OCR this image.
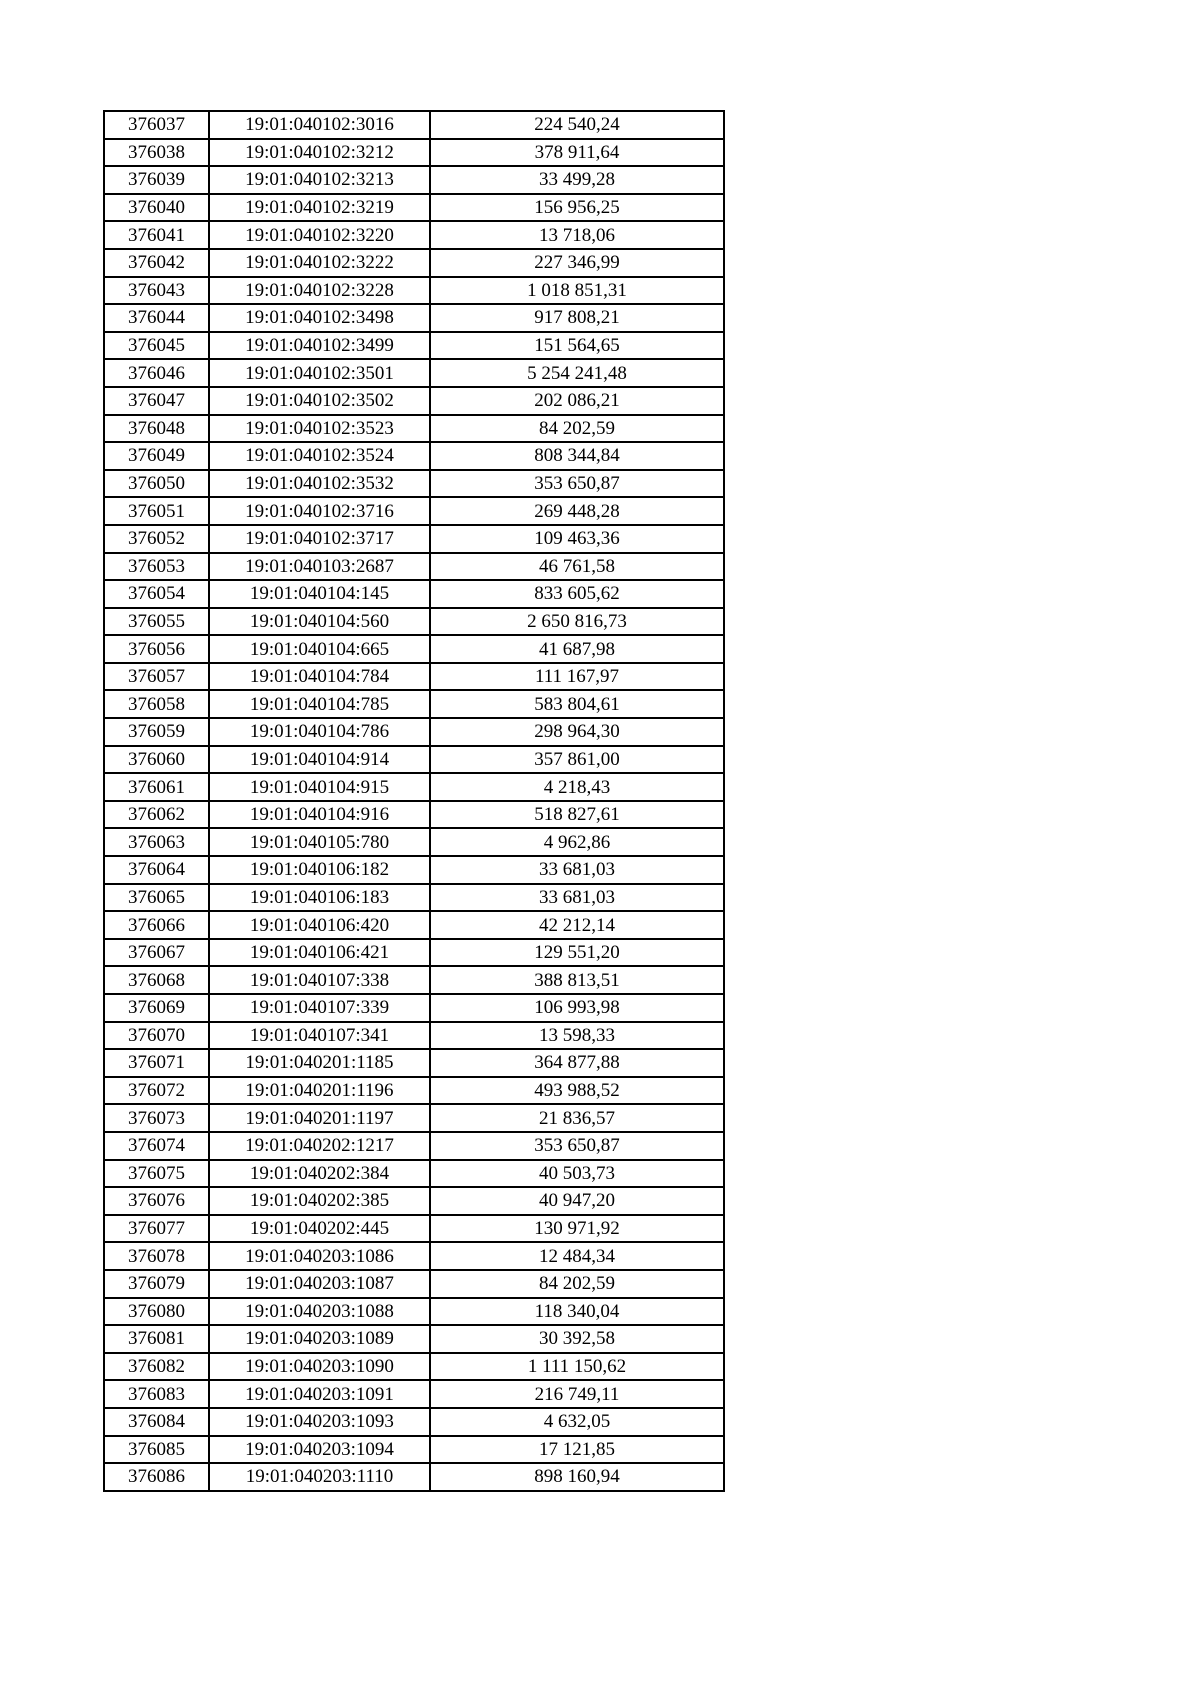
376037	19:01:040102:3016	224 540,24
376038	19:01:040102:3212	378 911,64
376039	19:01:040102:3213	33 499,28
376040	19:01:040102:3219	156 956,25
376041	19:01:040102:3220	13 718,06
376042	19:01:040102:3222	227 346,99
376043	19:01:040102:3228	1 018 851,31
376044	19:01:040102:3498	917 808,21
376045	19:01:040102:3499	151 564,65
376046	19:01:040102:3501	5 254 241,48
376047	19:01:040102:3502	202 086,21
376048	19:01:040102:3523	84 202,59
376049	19:01:040102:3524	808 344,84
376050	19:01:040102:3532	353 650,87
376051	19:01:040102:3716	269 448,28
376052	19:01:040102:3717	109 463,36
376053	19:01:040103:2687	46 761,58
376054	19:01:040104:145	833 605,62
376055	19:01:040104:560	2 650 816,73
376056	19:01:040104:665	41 687,98
376057	19:01:040104:784	111 167,97
376058	19:01:040104:785	583 804,61
376059	19:01:040104:786	298 964,30
376060	19:01:040104:914	357 861,00
376061	19:01:040104:915	4 218,43
376062	19:01:040104:916	518 827,61
376063	19:01:040105:780	4 962,86
376064	19:01:040106:182	33 681,03
376065	19:01:040106:183	33 681,03
376066	19:01:040106:420	42 212,14
376067	19:01:040106:421	129 551,20
376068	19:01:040107:338	388 813,51
376069	19:01:040107:339	106 993,98
376070	19:01:040107:341	13 598,33
376071	19:01:040201:1185	364 877,88
376072	19:01:040201:1196	493 988,52
376073	19:01:040201:1197	21 836,57
376074	19:01:040202:1217	353 650,87
376075	19:01:040202:384	40 503,73
376076	19:01:040202:385	40 947,20
376077	19:01:040202:445	130 971,92
376078	19:01:040203:1086	12 484,34
376079	19:01:040203:1087	84 202,59
376080	19:01:040203:1088	118 340,04
376081	19:01:040203:1089	30 392,58
376082	19:01:040203:1090	1 111 150,62
376083	19:01:040203:1091	216 749,11
376084	19:01:040203:1093	4 632,05
376085	19:01:040203:1094	17 121,85
376086	19:01:040203:1110	898 160,94
